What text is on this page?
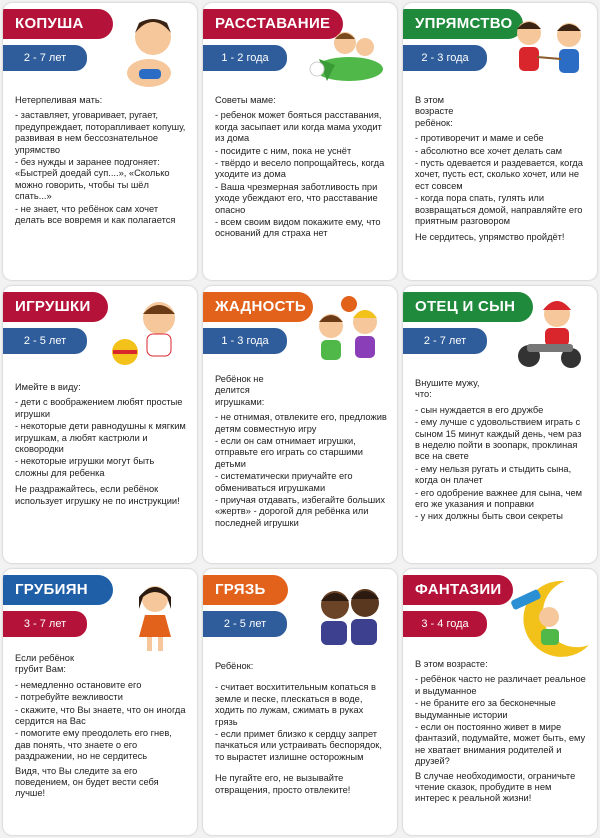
КОПУША
2 - 7 лет
Нетерпеливая мать:
- заставляет, уговаривает, ругает, предупреждает, поторапливает копушу, развивая в нем бессознательное упрямство
- без нужды и заранее подгоняет: «Быстрей доедай суп....», «Сколько можно говорить, чтобы ты шёл спать...»
- не знает, что ребёнок сам хочет делать все вовремя и как полагается
РАССТАВАНИЕ
1 - 2 года
Советы маме:
- ребенок может бояться расставания, когда засыпает или когда мама уходит из дома
- посидите с ним, пока не уснёт
- твёрдо и весело попрощайтесь, когда уходите из дома
- Ваша чрезмерная заботливость при уходе убеждают его, что расставание опасно
- всем своим видом покажите ему, что оснований для страха нет
УПРЯМСТВО
2 - 3 года
В этом возрасте ребёнок:
- противоречит и маме и себе
- абсолютно все хочет делать сам
- пусть одевается и раздевается, когда хочет, пусть ест, сколько хочет, или не ест совсем
- когда пора спать, гулять или возвращаться домой, направляйте его приятным разговором
Не сердитесь, упрямство пройдёт!
ИГРУШКИ
2 - 5 лет
Имейте в виду:
- дети с воображением любят простые игрушки
- некоторые дети равнодушны к мягким игрушкам, а любят кастрюли и сковородки
- некоторые игрушки могут быть сложны для ребенка
Не раздражайтесь, если ребёнок использует игрушку не по инструкции!
ЖАДНОСТЬ
1 - 3 года
Ребёнок не делится игрушками:
- не отнимая, отвлеките его, предложив детям совместную игру
- если он сам отнимает игрушки, отправьте его играть со старшими детьми
- систематически приучайте его обмениваться игрушками
- приучая отдавать, избегайте больших «жертв» - дорогой для ребёнка или последней игрушки
ОТЕЦ И СЫН
2 - 7 лет
Внушите мужу, что:
- сын нуждается в его дружбе
- ему лучше с удовольствием играть с сыном 15 минут каждый день, чем раз в неделю пойти в зоопарк, проклиная все на свете
- ему нельзя ругать и стыдить сына, когда он плачет
- его одобрение важнее для сына, чем его же указания и поправки
- у них должны быть свои секреты
ГРУБИЯН
3 - 7 лет
Если ребёнок грубит Вам:
- немедленно остановите его
- потребуйте вежливости
- скажите, что Вы знаете, что он иногда сердится на Вас
- помогите ему преодолеть его гнев, дав понять, что знаете о его раздражении, но не сердитесь
Видя, что Вы следите за его поведением, он будет вести себя лучше!
ГРЯЗЬ
2 - 5 лет
Ребёнок:
- считает восхитительным копаться в земле и песке, плескаться в воде, ходить по лужам, сжимать в руках грязь
- если примет близко к сердцу запрет пачкаться или устраивать беспорядок, то вырастет излишне осторожным
Не пугайте его, не вызывайте отвращения, просто отвлеките!
ФАНТАЗИИ
3 - 4 года
В этом возрасте:
- ребёнок часто не различает реальное и выдуманное
- не браните его за бесконечные выдуманные истории
- если он постоянно живет в мире фантазий, подумайте, может быть, ему не хватает внимания родителей и друзей?
В случае необходимости, ограничьте чтение сказок, пробудите в нем интерес к реальной жизни!
